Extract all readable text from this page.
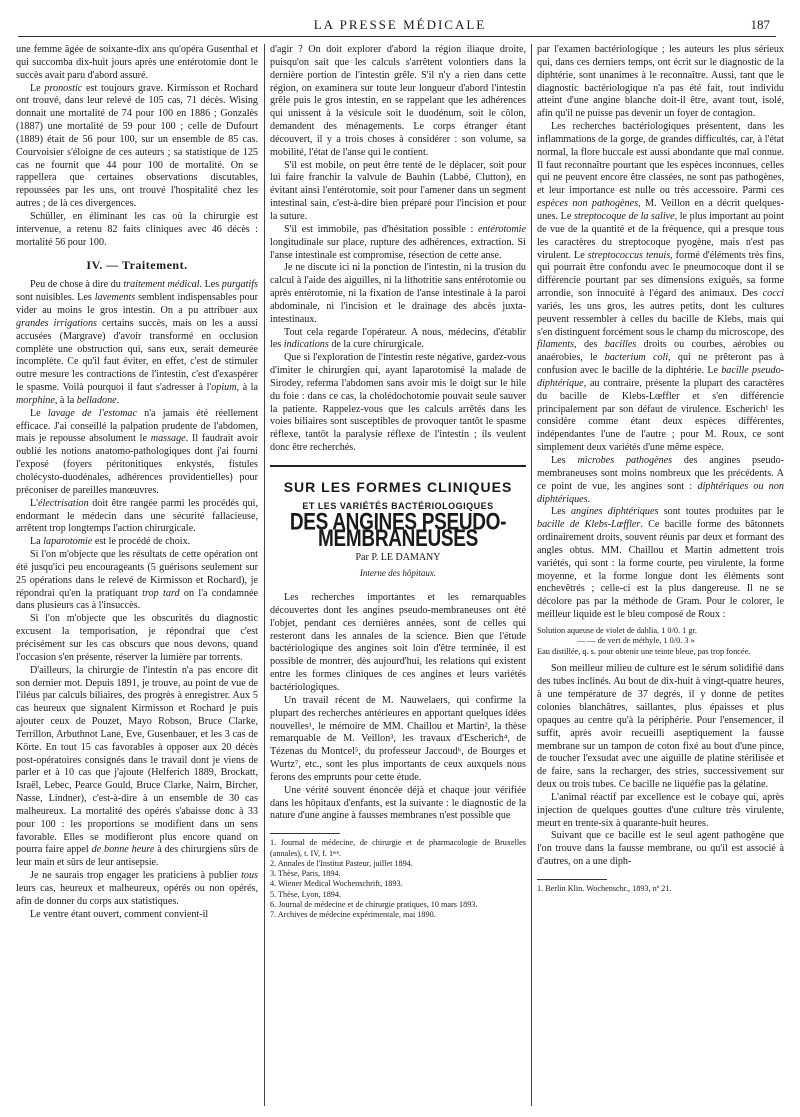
LA PRESSE MÉDICALE	187

une femme âgée de soixante-dix ans qu'opéra Gusenthal et qui succomba dix-huit jours après une entérotomie dont le succès avait paru d'abord assuré.

Le pronostic est toujours grave. Kirmisson et Rochard ont trouvé, dans leur relevé de 105 cas, 71 décès. Wising donnait une mortalité de 74 pour 100 en 1886 ; Gonzalès (1887) une mortalité de 59 pour 100 ; celle de Dufourt (1889) était de 56 pour 100, sur un ensemble de 85 cas. Courvoisier s'éloigne de ces auteurs ; sa statistique de 125 cas ne fournit que 44 pour 100 de mortalité. On se rappellera que certaines observations discutables, repoussées par les uns, ont trouvé l'hospitalité chez les autres ; de là ces divergences.

Schüller, en éliminant les cas où la chirurgie est intervenue, a retenu 82 faits cliniques avec 46 décès : mortalité 56 pour 100.

IV. — Traitement.

Peu de chose à dire du traitement médical. Les purgatifs sont nuisibles. Les lavements semblent indispensables pour vider au moins le gros intestin. On a pu attribuer aux grandes irrigations certains succès, mais on les a aussi accusées (Margrave) d'avoir transformé en occlusion complète une obstruction qui, sans eux, serait demeurée incomplète. Ce qu'il faut éviter, en effet, c'est de stimuler outre mesure les contractions de l'intestin, c'est d'exaspérer le spasme. Voilà pourquoi il faut s'adresser à l'opium, à la morphine, à la belladone.

Le lavage de l'estomac n'a jamais été réellement efficace. J'ai conseillé la palpation prudente de l'abdomen, mais je repousse absolument le massage. Il faudrait avoir oublié les notions anatomo-pathologiques dont j'ai fourni l'exposé (foyers péritonitiques enkystés, fistules cholécysto-duodénales, adhérences providentielles) pour préconiser de pareilles manœuvres.

L'électrisation doit être rangée parmi les procédés qui, endormant le médecin dans une sécurité fallacieuse, arrêtent trop longtemps l'action chirurgicale.

La laparotomie est le procédé de choix.

Si l'on m'objecte que les résultats de cette opération ont été jusqu'ici peu encourageants (5 guérisons seulement sur 25 opérations dans le relevé de Kirmisson et Rochard), je répondrai qu'en la pratiquant trop tard on l'a condamnée dans plusieurs cas à l'insuccès.

Si l'on m'objecte que les obscurités du diagnostic excusent la temporisation, je répondrai que c'est précisément sur les cas obscurs que nous devons, quand l'occasion s'en présente, réserver la lumière par torrents.

D'ailleurs, la chirurgie de l'intestin n'a pas encore dit son dernier mot. Depuis 1891, je trouve, au point de vue de l'iléus par calculs biliaires, des progrès à enregistrer. Aux 5 cas heureux que signalent Kirmisson et Rochard je puis ajouter ceux de Pouzet, Mayo Robson, Bruce Clarke, Terrillon, Arbuthnot Lane, Eve, Gusenbauer, et les 3 cas de Körte. En tout 15 cas favorables à opposer aux 20 décès post-opératoires consignés dans le travail dont je viens de parler et à 10 cas que j'ajoute (Helferich 1889, Brockatt, Israël, Lebec, Pearce Gould, Bruce Clarke, Nairn, Bircher, Nasse, Lindner), c'est-à-dire à un ensemble de 30 cas malheureux. La mortalité des opérés s'abaisse donc à 33 pour 100 : les proportions se modifient dans un sens favorable. Elles se modifieront plus encore quand on pourra faire appel de bonne heure à des chirurgiens sûrs de leur main et sûrs de leur antisepsie.

Je ne saurais trop engager les praticiens à publier tous leurs cas, heureux et malheureux, opérés ou non opérés, afin de donner du corps aux statistiques.

Le ventre étant ouvert, comment convient-il

d'agir ? On doit explorer d'abord la région iliaque droite, puisqu'on sait que les calculs s'arrêtent volontiers dans la dernière portion de l'intestin grêle. S'il n'y a rien dans cette région, on examinera sur toute leur longueur d'abord l'intestin grêle puis le gros intestin, en se rappelant que les adhérences qui unissent à la vésicule soit le duodénum, soit le côlon, demandent des ménagements. Le corps étranger étant découvert, il y a trois choses à considérer : son volume, sa mobilité, l'état de l'anse qui le contient.

S'il est mobile, on peut être tenté de le déplacer, soit pour lui faire franchir la valvule de Bauhin (Labbé, Clutton), en évitant ainsi l'entérotomie, soit pour l'amener dans un segment intestinal sain, c'est-à-dire bien préparé pour l'incision et pour la suture.

S'il est immobile, pas d'hésitation possible : entérotomie longitudinale sur place, rupture des adhérences, extraction. Si l'anse intestinale est compromise, résection de cette anse.

Je ne discute ici ni la ponction de l'intestin, ni la trusion du calcul à l'aide des aiguilles, ni la lithotritie sans entérotomie ou après entérotomie, ni la fixation de l'anse intestinale à la paroi abdominale, ni l'incision et le drainage des abcès juxta-intestinaux.

Tout cela regarde l'opérateur. A nous, médecins, d'établir les indications de la cure chirurgicale.

Que si l'exploration de l'intestin reste négative, gardez-vous d'imiter le chirurgien qui, ayant laparotomisé la malade de Sirodey, referma l'abdomen sans avoir mis le doigt sur le hile du foie : dans ce cas, la cholédochotomie pouvait seule sauver la patiente. Rappelez-vous que les calculs arrêtés dans les voies biliaires sont susceptibles de provoquer tantôt le spasme réflexe, tantôt la paralysie réflexe de l'intestin ; ils veulent donc être recherchés.

SUR LES FORMES CLINIQUES
ET LES VARIÉTÉS BACTÉRIOLOGIQUES
DES ANGINES PSEUDO-MEMBRANEUSES
Par P. LE DAMANY
Interne des hôpitaux.

Les recherches importantes et les remarquables découvertes dont les angines pseudo-membraneuses ont été l'objet, pendant ces dernières années, sont de celles qui resteront dans les annales de la science. Bien que l'étude bactériologique des angines soit loin d'être terminée, il est possible de montrer, dès aujourd'hui, les relations qui existent entre les formes cliniques de ces angines et leurs variétés bactériologiques.

Un travail récent de M. Nauwelaers, qui confirme la plupart des recherches antérieures en apportant quelques idées nouvelles¹, le mémoire de MM. Chaillou et Martin², la thèse remarquable de M. Veillon³, les travaux d'Escherich⁴, de Tézenas du Montcel⁵, du professeur Jaccoud⁶, de Bourges et Wurtz⁷, etc., sont les plus importants de ceux auxquels nous ferons des emprunts pour cette étude.

Une vérité souvent énoncée déjà et chaque jour vérifiée dans les hôpitaux d'enfants, est la suivante : le diagnostic de la nature d'une angine à fausses membranes n'est possible que

1. Journal de médecine, de chirurgie et de pharmacologie de Bruxelles (annales), t. IV, f. 1ᵉʳᵉ.

2. Annales de l'Institut Pasteur, juillet 1894.

3. Thèse, Paris, 1894.

4. Wiener Medical Wochenschrift, 1893.

5. Thèse, Lyon, 1894.

6. Journal de médecine et de chirurgie pratiques, 10 mars 1893.

7. Archives de médecine expérimentale, mai 1890.

par l'examen bactériologique ; les auteurs les plus sérieux qui, dans ces derniers temps, ont écrit sur le diagnostic de la diphtérie, sont unanimes à le reconnaître. Aussi, tant que le diagnostic bactériologique n'a pas été fait, tout individu atteint d'une angine blanche doit-il être, avant tout, isolé, afin qu'il ne puisse pas devenir un foyer de contagion.

Les recherches bactériologiques présentent, dans les inflammations de la gorge, de grandes difficultés, car, à l'état normal, la flore buccale est aussi abondante que mal connue. Il faut reconnaître pourtant que les espèces inconnues, celles qui ne peuvent encore être classées, ne sont pas pathogènes, et leur importance est nulle ou très accessoire. Parmi ces espèces non pathogènes, M. Veillon en a décrit quelques-unes. Le streptocoque de la salive, le plus important au point de vue de la quantité et de la fréquence, qui a presque tous les caractères du streptocoque pyogène, mais n'est pas virulent. Le streptococcus tenuis, formé d'éléments très fins, qui pourrait être confondu avec le pneumocoque dont il se différencie pourtant par ses dimensions exiguës, sa forme arrondie, son innocuité à l'égard des animaux. Des cocci variés, les uns gros, les autres petits, dont les cultures peuvent ressembler à celles du bacille de Klebs, mais qui s'en distinguent forcément sous le champ du microscope, des filaments, des bacilles droits ou courbes, aérobies ou anaérobies, le bacterium coli, qui ne prêteront pas à confusion avec le bacille de la diphtérie. Le bacille pseudo-diphtérique, au contraire, présente la plupart des caractères du bacille de Klebs-Lœffler et s'en différencie principalement par son défaut de virulence. Escherich¹ les considère comme étant deux espèces différentes, indépendantes l'une de l'autre ; pour M. Roux, ce sont simplement deux variétés d'une même espèce.

Les microbes pathogènes des angines pseudo-membraneuses sont moins nombreux que les précédents. A ce point de vue, les angines sont : diphtériques ou non diphtériques.

Les angines diphtériques sont toutes produites par le bacille de Klebs-Lœffler. Ce bacille forme des bâtonnets ordinairement droits, souvent réunis par deux et formant des angles obtus. MM. Chaillou et Martin admettent trois variétés, qui sont : la forme courte, peu virulente, la forme moyenne, et la forme longue dont les éléments sont enchevêtrés ; celle-ci est la plus dangereuse. Il ne se décolore pas par la méthode de Gram. Pour le colorer, le meilleur liquide est le bleu composé de Roux :

Solution aqueuse de violet de dahlia, 1 0/0. 1 gr.
— — de vert de méthyle, 1 0/0. 3 »
Eau distillée, q. s. pour obtenir une teinte bleue, pas trop foncée.

Son meilleur milieu de culture est le sérum solidifié dans des tubes inclinés. Au bout de dix-huit à vingt-quatre heures, à une température de 37 degrés, il y donne de petites colonies blanchâtres, saillantes, plus épaisses et plus opaques au centre qu'à la périphérie. Pour l'ensemencer, il suffit, après avoir recueilli aseptiquement la fausse membrane sur un tampon de coton fixé au bout d'une pince, de toucher l'exsudat avec une aiguille de platine stérilisée et de faire, sans la recharger, des stries, successivement sur deux ou trois tubes. Ce bacille ne liquéfie pas la gélatine.

L'animal réactif par excellence est le cobaye qui, après injection de quelques gouttes d'une culture très virulente, meurt en trente-six à quarante-huit heures.

Suivant que ce bacille est le seul agent pathogène que l'on trouve dans la fausse membrane, ou qu'il est associé à d'autres, on a une diph-

1. Berlin Klin. Wochenschr., 1893, nº 21.
